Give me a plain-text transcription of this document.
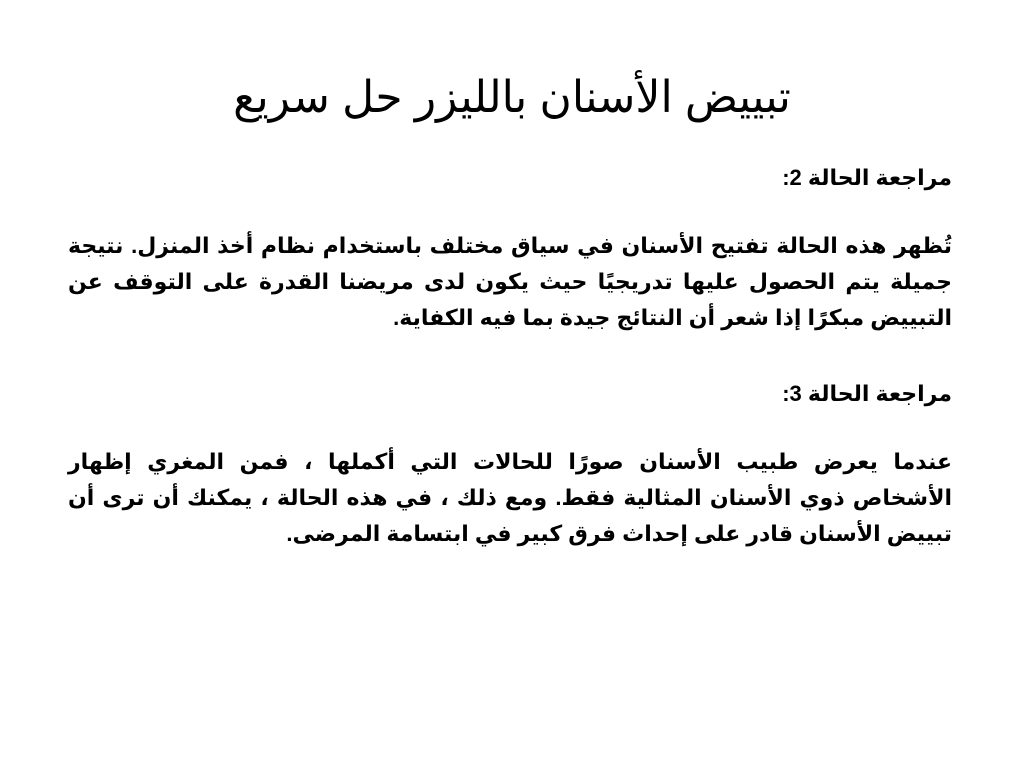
تبييض الأسنان بالليزر حل سريع

مراجعة الحالة 2:

تُظهر هذه الحالة تفتيح الأسنان في سياق مختلف باستخدام نظام أخذ المنزل. نتيجة جميلة يتم الحصول عليها تدريجيًا حيث يكون لدى مريضنا القدرة على التوقف عن التبييض مبكرًا إذا شعر أن النتائج جيدة بما فيه الكفاية.

مراجعة الحالة 3:

عندما يعرض طبيب الأسنان صورًا للحالات التي أكملها ، فمن المغري إظهار الأشخاص ذوي الأسنان المثالية فقط. ومع ذلك ، في هذه الحالة ، يمكنك أن ترى أن تبييض الأسنان قادر على إحداث فرق كبير في ابتسامة المرضى.
